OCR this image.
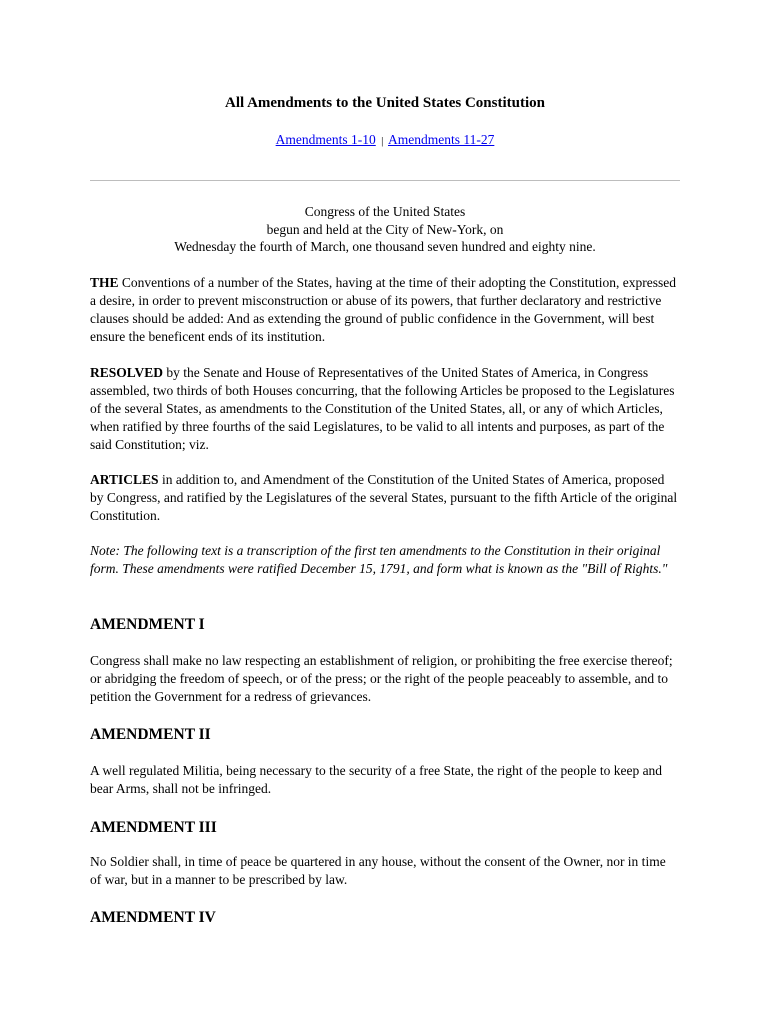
All Amendments to the United States Constitution
Amendments 1-10 | Amendments 11-27
Congress of the United States
begun and held at the City of New-York, on
Wednesday the fourth of March, one thousand seven hundred and eighty nine.

THE Conventions of a number of the States, having at the time of their adopting the Constitution, expressed a desire, in order to prevent misconstruction or abuse of its powers, that further declaratory and restrictive clauses should be added: And as extending the ground of public confidence in the Government, will best ensure the beneficent ends of its institution.

RESOLVED by the Senate and House of Representatives of the United States of America, in Congress assembled, two thirds of both Houses concurring, that the following Articles be proposed to the Legislatures of the several States, as amendments to the Constitution of the United States, all, or any of which Articles, when ratified by three fourths of the said Legislatures, to be valid to all intents and purposes, as part of the said Constitution; viz.

ARTICLES in addition to, and Amendment of the Constitution of the United States of America, proposed by Congress, and ratified by the Legislatures of the several States, pursuant to the fifth Article of the original Constitution.

Note: The following text is a transcription of the first ten amendments to the Constitution in their original form. These amendments were ratified December 15, 1791, and form what is known as the "Bill of Rights."

AMENDMENT I

Congress shall make no law respecting an establishment of religion, or prohibiting the free exercise thereof; or abridging the freedom of speech, or of the press; or the right of the people peaceably to assemble, and to petition the Government for a redress of grievances.

AMENDMENT II

A well regulated Militia, being necessary to the security of a free State, the right of the people to keep and bear Arms, shall not be infringed.

AMENDMENT III

No Soldier shall, in time of peace be quartered in any house, without the consent of the Owner, nor in time of war, but in a manner to be prescribed by law.

AMENDMENT IV
